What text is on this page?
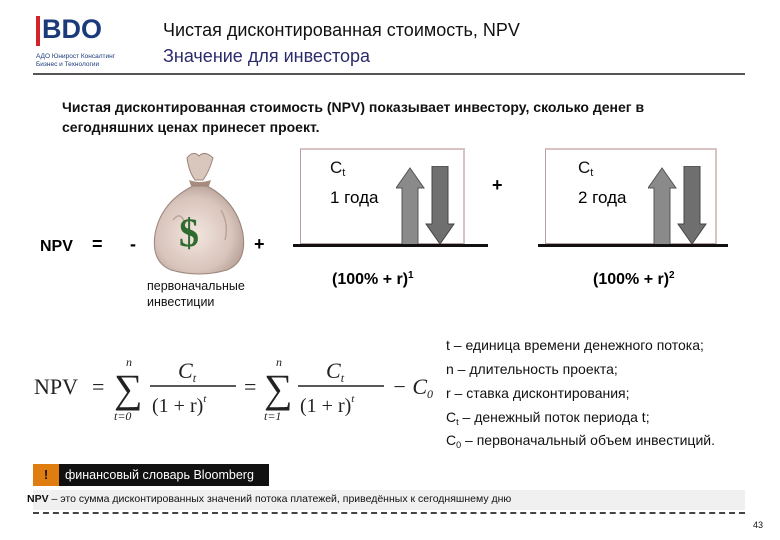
BDO
АДО Юнирост Консалтинг
Бизнес и Технологии
Чистая дисконтированная стоимость, NPV
Значение для инвестора
Чистая дисконтированная стоимость (NPV) показывает инвестору, сколько денег в сегодняшних ценах принесет проект.
NPV = - $	+
первоначальные инвестиции
$C_t$
1 года
$(100\% + r)^1$
+
$C_t$
2 года
$(100\% + r)^2$
NPV =
n
∑
t=0
Ct
$(1 + r)^t$ =
n
∑
t=1
Ct
$(1 + r)^t - C0$
t – единица времени денежного потока;
n – длительность проекта;
r – ставка дисконтирования;
$C_t$ – денежный поток периода t;
$C_0$ – первоначальный объем инвестиций.
!	финансовый словарь Bloomberg
NPV – это сумма дисконтированных значений потока платежей, приведённых к сегодняшнему дню
43
